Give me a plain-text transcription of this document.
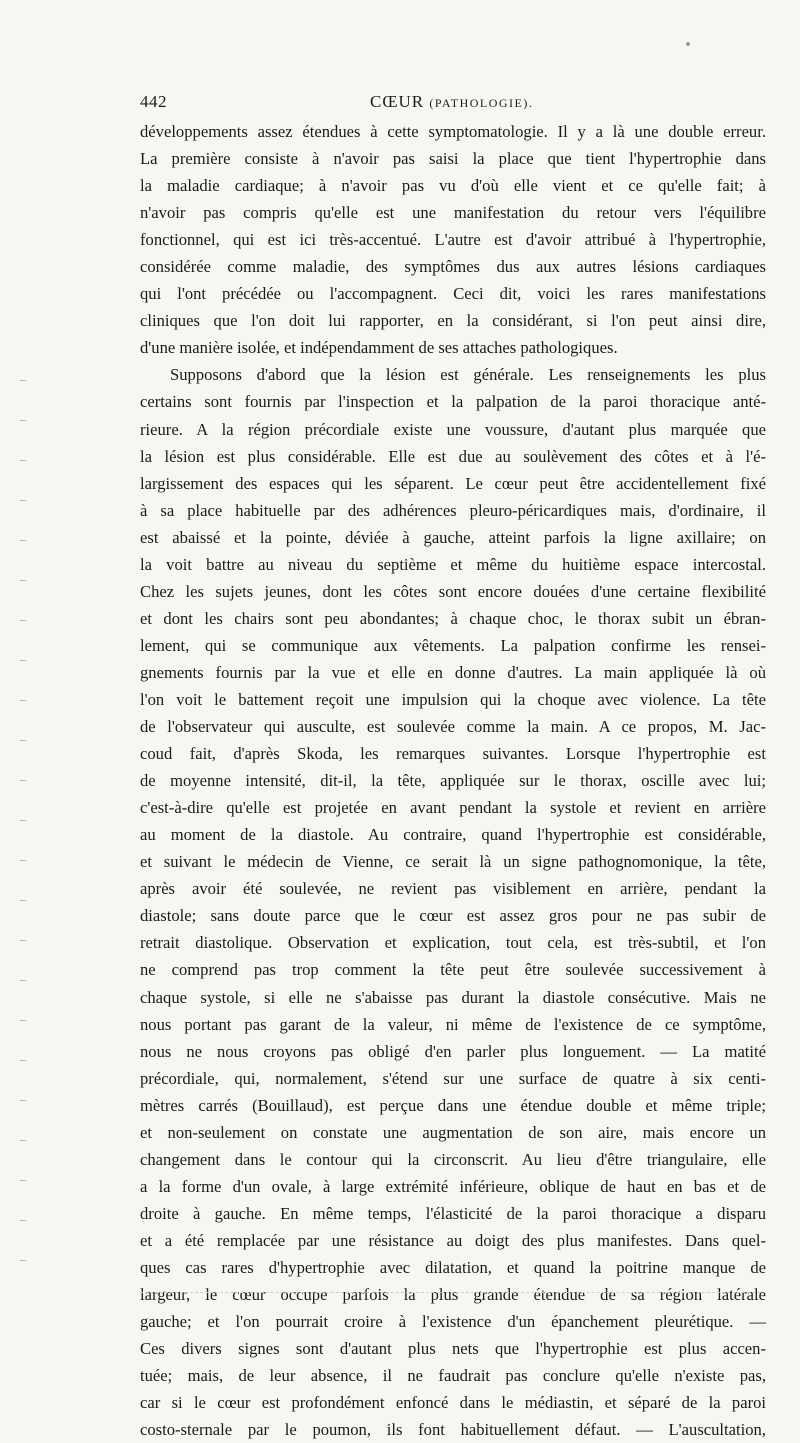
442	CŒUR (PATHOLOGIE).
développements assez étendues à cette symptomatologie. Il y a là une double erreur.
La première consiste à n'avoir pas saisi la place que tient l'hypertrophie dans
la maladie cardiaque; à n'avoir pas vu d'où elle vient et ce qu'elle fait; à
n'avoir pas compris qu'elle est une manifestation du retour vers l'équilibre
fonctionnel, qui est ici très-accentué. L'autre est d'avoir attribué à l'hypertrophie,
considérée comme maladie, des symptômes dus aux autres lésions cardiaques
qui l'ont précédée ou l'accompagnent. Ceci dit, voici les rares manifestations
cliniques que l'on doit lui rapporter, en la considérant, si l'on peut ainsi dire,
d'une manière isolée, et indépendamment de ses attaches pathologiques.
Supposons d'abord que la lésion est générale. Les renseignements les plus
certains sont fournis par l'inspection et la palpation de la paroi thoracique anté-
rieure. A la région précordiale existe une voussure, d'autant plus marquée que
la lésion est plus considérable. Elle est due au soulèvement des côtes et à l'é-
largissement des espaces qui les séparent. Le cœur peut être accidentellement fixé
à sa place habituelle par des adhérences pleuro-péricardiques mais, d'ordinaire, il
est abaissé et la pointe, déviée à gauche, atteint parfois la ligne axillaire; on
la voit battre au niveau du septième et même du huitième espace intercostal.
Chez les sujets jeunes, dont les côtes sont encore douées d'une certaine flexibilité
et dont les chairs sont peu abondantes; à chaque choc, le thorax subit un ébran-
lement, qui se communique aux vêtements. La palpation confirme les rensei-
gnements fournis par la vue et elle en donne d'autres. La main appliquée là où
l'on voit le battement reçoit une impulsion qui la choque avec violence. La tête
de l'observateur qui ausculte, est soulevée comme la main. A ce propos, M. Jac-
coud fait, d'après Skoda, les remarques suivantes. Lorsque l'hypertrophie est
de moyenne intensité, dit-il, la tête, appliquée sur le thorax, oscille avec lui;
c'est-à-dire qu'elle est projetée en avant pendant la systole et revient en arrière
au moment de la diastole. Au contraire, quand l'hypertrophie est considérable,
et suivant le médecin de Vienne, ce serait là un signe pathognomonique, la tête,
après avoir été soulevée, ne revient pas visiblement en arrière, pendant la
diastole; sans doute parce que le cœur est assez gros pour ne pas subir de
retrait diastolique. Observation et explication, tout cela, est très-subtil, et l'on
ne comprend pas trop comment la tête peut être soulevée successivement à
chaque systole, si elle ne s'abaisse pas durant la diastole consécutive. Mais ne
nous portant pas garant de la valeur, ni même de l'existence de ce symptôme,
nous ne nous croyons pas obligé d'en parler plus longuement. — La matité
précordiale, qui, normalement, s'étend sur une surface de quatre à six centi-
mètres carrés (Bouillaud), est perçue dans une étendue double et même triple;
et non-seulement on constate une augmentation de son aire, mais encore un
changement dans le contour qui la circonscrit. Au lieu d'être triangulaire, elle
a la forme d'un ovale, à large extrémité inférieure, oblique de haut en bas et de
droite à gauche. En même temps, l'élasticité de la paroi thoracique a disparu
et a été remplacée par une résistance au doigt des plus manifestes. Dans quel-
ques cas rares d'hypertrophie avec dilatation, et quand la poitrine manque de
largeur, le cœur occupe parfois la plus grande étendue de sa région latérale
gauche; et l'on pourrait croire à l'existence d'un épanchement pleurétique. —
Ces divers signes sont d'autant plus nets que l'hypertrophie est plus accen-
tuée; mais, de leur absence, il ne faudrait pas conclure qu'elle n'existe pas,
car si le cœur est profondément enfoncé dans le médiastin, et séparé de la paroi
costo-sternale par le poumon, ils font habituellement défaut. — L'auscultation,
